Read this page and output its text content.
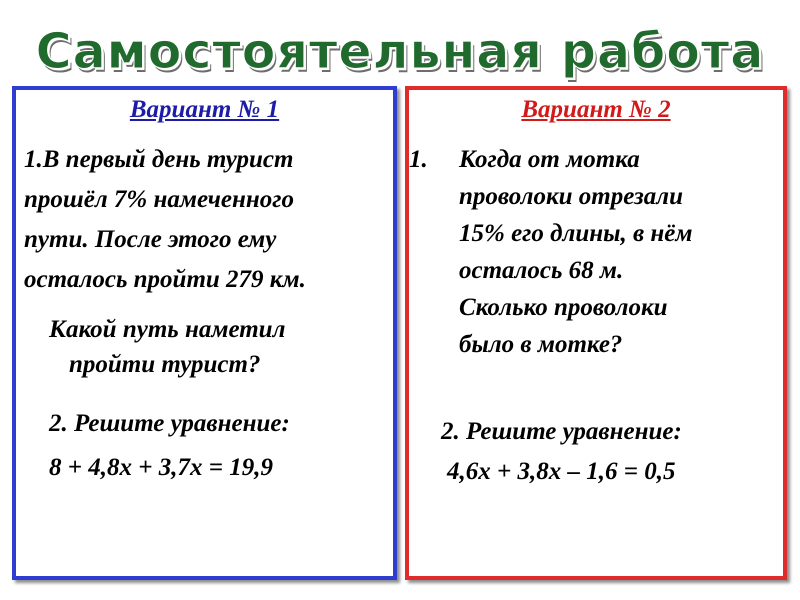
Самостоятельная работа
Вариант № 1
1.В первый день турист
прошёл 7% намеченного
пути. После этого ему
осталось пройти 279 км.
Какой путь наметил
пройти турист?
2. Решите уравнение:
8 + 4,8x + 3,7x = 19,9
Вариант № 2
1. Когда от мотка
проволоки отрезали
15% его длины, в нём
осталось 68 м.
Сколько проволоки
было в мотке?
2. Решите уравнение:
4,6x + 3,8x – 1,6 = 0,5
